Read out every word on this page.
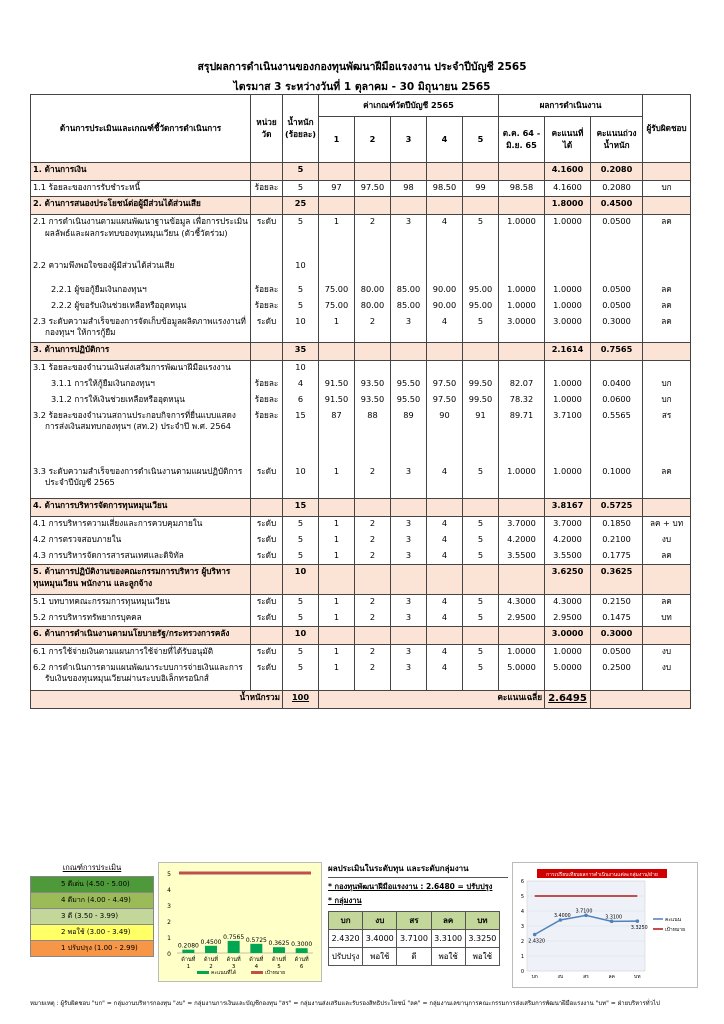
สรุปผลการดำเนินงานของกองทุนพัฒนาฝีมือแรงงาน ประจำปีบัญชี 2565
ไตรมาส 3 ระหว่างวันที่ 1 ตุลาคม - 30 มิถุนายน 2565
ด้านการประเมินและเกณฑ์ชี้วัดการดำเนินการ	หน่วยวัด	น้ำหนัก (ร้อยละ)	ค่าเกณฑ์วัดปีบัญชี 2565					ผลการดำเนินงาน			ผู้รับผิดชอบ
			1	2	3	4	5	ต.ค. 64 - มิ.ย. 65	คะแนนที่ได้	คะแนนถ่วงน้ำหนัก	
1. ด้านการเงิน		5							4.1600	0.2080	
1.1 ร้อยละของการรับชำระหนี้	ร้อยละ	5	97	97.50	98	98.50	99	98.58	4.1600	0.2080	บก
2. ด้านการสนองประโยชน์ต่อผู้มีส่วนได้ส่วนเสีย		25							1.8000	0.4500	
2.1 การดำเนินงานตามแผนพัฒนาฐานข้อมูล เพื่อการประเมินผลลัพธ์และผลกระทบของทุนหมุนเวียน (ตัวชี้วัดร่วม)	ระดับ	5	1	2	3	4	5	1.0000	1.0000	0.0500	ลค
2.2 ความพึงพอใจของผู้มีส่วนได้ส่วนเสีย		10									
2.2.1 ผู้ขอกู้ยืมเงินกองทุนฯ	ร้อยละ	5	75.00	80.00	85.00	90.00	95.00	1.0000	1.0000	0.0500	ลค
2.2.2 ผู้ขอรับเงินช่วยเหลือหรืออุดหนุน	ร้อยละ	5	75.00	80.00	85.00	90.00	95.00	1.0000	1.0000	0.0500	ลค
2.3 ระดับความสำเร็จของการจัดเก็บข้อมูลผลิตภาพแรงงานที่กองทุนฯ ให้การกู้ยืม	ระดับ	10	1	2	3	4	5	3.0000	3.0000	0.3000	ลค
3. ด้านการปฏิบัติการ		35							2.1614	0.7565	
3.1 ร้อยละของจำนวนเงินส่งเสริมการพัฒนาฝีมือแรงงาน		10									
3.1.1 การให้กู้ยืมเงินกองทุนฯ	ร้อยละ	4	91.50	93.50	95.50	97.50	99.50	82.07	1.0000	0.0400	บก
3.1.2 การให้เงินช่วยเหลือหรืออุดหนุน	ร้อยละ	6	91.50	93.50	95.50	97.50	99.50	78.32	1.0000	0.0600	บก
3.2 ร้อยละของจำนวนสถานประกอบกิจการที่ยื่นแบบแสดงการส่งเงินสมทบกองทุนฯ (สท.2) ประจำปี พ.ศ. 2564	ร้อยละ	15	87	88	89	90	91	89.71	3.7100	0.5565	สร
3.3 ระดับความสำเร็จของการดำเนินงานตามแผนปฏิบัติการ ประจำปีบัญชี 2565	ระดับ	10	1	2	3	4	5	1.0000	1.0000	0.1000	ลค
4. ด้านการบริหารจัดการทุนหมุนเวียน		15							3.8167	0.5725	
4.1 การบริหารความเสี่ยงและการควบคุมภายใน	ระดับ	5	1	2	3	4	5	3.7000	3.7000	0.1850	ลค + บท
4.2 การตรวจสอบภายใน	ระดับ	5	1	2	3	4	5	4.2000	4.2000	0.2100	งบ
4.3 การบริหารจัดการสารสนเทศและดิจิทัล	ระดับ	5	1	2	3	4	5	3.5500	3.5500	0.1775	ลค
5. ด้านการปฏิบัติงานของคณะกรรมการบริหาร ผู้บริหารทุนหมุนเวียน พนักงาน และลูกจ้าง		10							3.6250	0.3625	
5.1 บทบาทคณะกรรมการทุนหมุนเวียน	ระดับ	5	1	2	3	4	5	4.3000	4.3000	0.2150	ลค
5.2 การบริหารทรัพยากรบุคคล	ระดับ	5	1	2	3	4	5	2.9500	2.9500	0.1475	บท
6. ด้านการดำเนินงานตามนโยบายรัฐ/กระทรวงการคลัง		10							3.0000	0.3000	
6.1 การใช้จ่ายเงินตามแผนการใช้จ่ายที่ได้รับอนุมัติ	ระดับ	5	1	2	3	4	5	1.0000	1.0000	0.0500	งบ
6.2 การดำเนินการตามแผนพัฒนาระบบการจ่ายเงินและการรับเงินของทุนหมุนเวียนผ่านระบบอิเล็กทรอนิกส์	ระดับ	5	1	2	3	4	5	5.0000	5.0000	0.2500	งบ
น้ำหนักรวม		100	คะแนนเฉลี่ย						2.6495		
เกณฑ์การประเมิน
5 ดีเด่น (4.50 - 5.00)
4 ดีมาก (4.00 - 4.49)
3 ดี (3.50 - 3.99)
2 พอใช้ (3.00 - 3.49)
1 ปรับปรุง (1.00 - 2.99)
0
1
2
3
4
5
0.2080
ด้านที่
1
0.4500
ด้านที่
2
0.7565
ด้านที่
3
0.5725
ด้านที่
4
0.3625
ด้านที่
5
0.3000
ด้านที่
6
คะแนนที่ได้	เป้าหมาย
ผลประเมินในระดับทุน และระดับกลุ่มงาน
* กองทุนพัฒนาฝีมือแรงงาน : 2.6480 = ปรับปรุง
* กลุ่มงาน
บก	งบ	สร	ลค	บท
2.4320	3.4000	3.7100	3.3100	3.3250
ปรับปรุง	พอใช้	ดี	พอใช้	พอใช้
การเปรียบเทียบผลการดำเนินงานแต่ละกลุ่มงาน/ฝ่าย
0
1
2
3
4
5
6
บก	งบ	สร	ลค	บท
2.4320
3.4000
3.7100
3.3100
3.3250
คะแนน
เป้าหมาย
หมายเหตุ : ผู้รับผิดชอบ "บก" = กลุ่มงานบริหารกองทุน "งบ" = กลุ่มงานการเงินและบัญชีกองทุน "สร" = กลุ่มงานส่งเสริมและรับรองสิทธิประโยชน์ "ลค" = กลุ่มงานเลขานุการคณะกรรมการส่งเสริมการพัฒนาฝีมือแรงงาน "บท" = ฝ่ายบริหารทั่วไป
